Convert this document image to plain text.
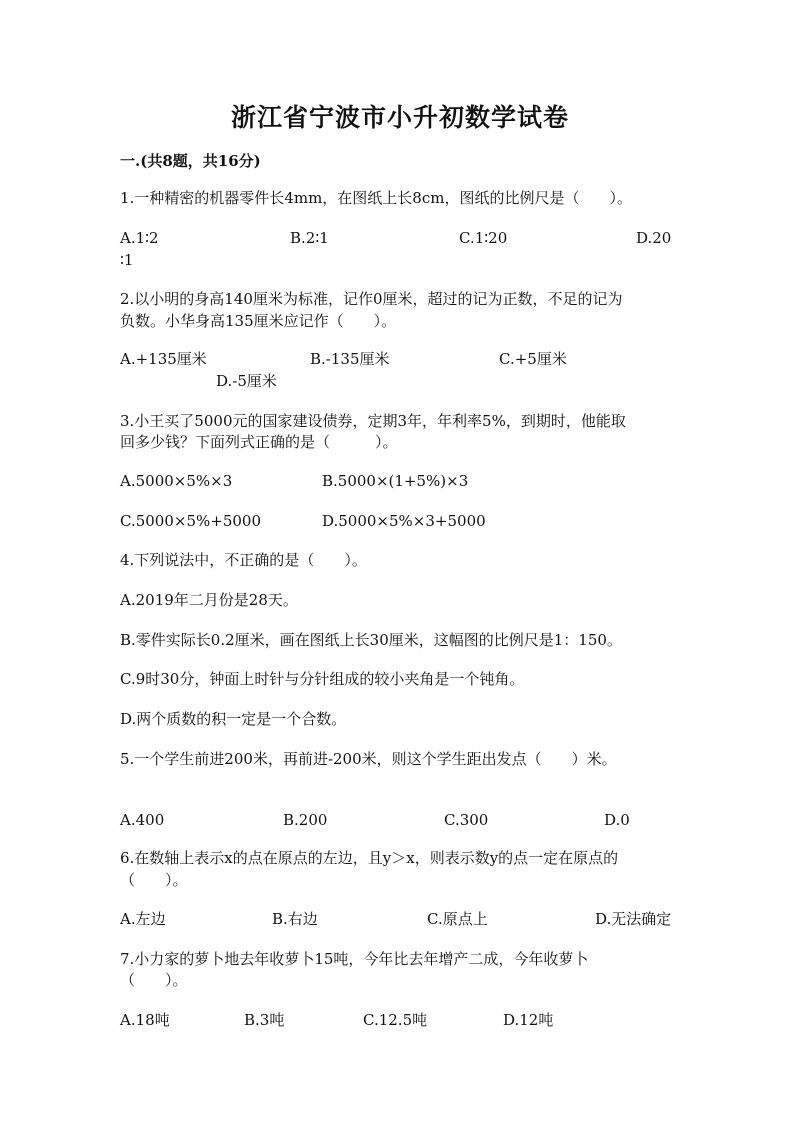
浙江省宁波市小升初数学试卷
一.(共8题，共16分)
1.一种精密的机器零件长4mm，在图纸上长8cm，图纸的比例尺是（　　）。
A.1∶2	B.2∶1	C.1∶20	D.20
∶1
2.以小明的身高140厘米为标准，记作0厘米，超过的记为正数，不足的记为
负数。小华身高135厘米应记作（　　）。
A.+135厘米	B.-135厘米	C.+5厘米
D.-5厘米
3.小王买了5000元的国家建设债券，定期3年，年利率5%，到期时，他能取
回多少钱？下面列式正确的是（　　　）。
A.5000×5%×3	B.5000×(1+5%)×3
C.5000×5%+5000	D.5000×5%×3+5000
4.下列说法中，不正确的是（　　）。
A.2019年二月份是28天。
B.零件实际长0.2厘米，画在图纸上长30厘米，这幅图的比例尺是1：150。
C.9时30分，钟面上时针与分针组成的较小夹角是一个钝角。
D.两个质数的积一定是一个合数。
5.一个学生前进200米，再前进-200米，则这个学生距出发点（　　）米。
A.400	B.200	C.300	D.0
6.在数轴上表示x的点在原点的左边，且y＞x，则表示数y的点一定在原点的
（　　）。
A.左边	B.右边	C.原点上	D.无法确定
7.小力家的萝卜地去年收萝卜15吨，今年比去年增产二成，今年收萝卜
（　　）。
A.18吨	B.3吨	C.12.5吨	D.12吨
